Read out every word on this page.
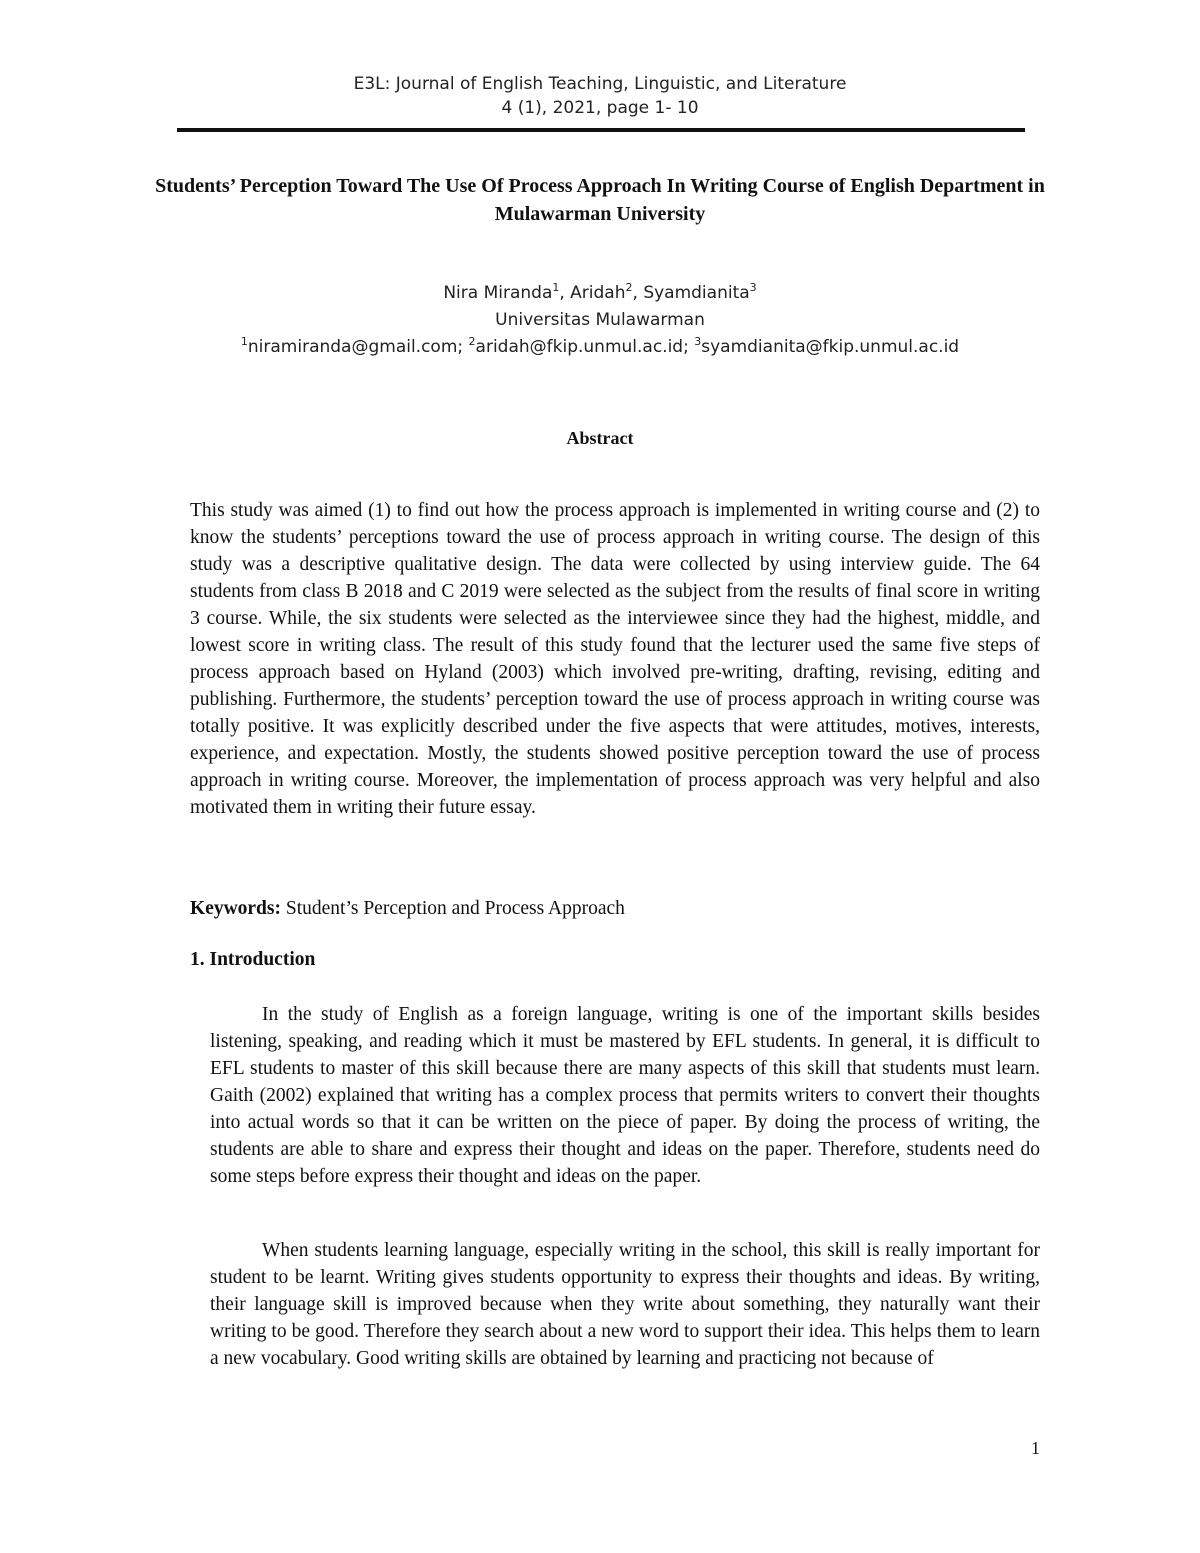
E3L: Journal of English Teaching, Linguistic, and Literature
4 (1), 2021, page 1- 10
Students’ Perception Toward The Use Of Process Approach In Writing Course of English Department in Mulawarman University
Nira Miranda$^1$, Aridah$^2$, Syamdianita$^3$
Universitas Mulawarman
$^1$niramiranda@gmail.com; $^2$aridah@fkip.unmul.ac.id; $^3$syamdianita@fkip.unmul.ac.id
Abstract

This study was aimed (1) to find out how the process approach is implemented in writing course and (2) to know the students’ perceptions toward the use of process approach in writing course. The design of this study was a descriptive qualitative design. The data were collected by using interview guide. The 64 students from class B 2018 and C 2019 were selected as the subject from the results of final score in writing 3 course. While, the six students were selected as the interviewee since they had the highest, middle, and lowest score in writing class. The result of this study found that the lecturer used the same five steps of process approach based on Hyland (2003) which involved pre-writing, drafting, revising, editing and publishing. Furthermore, the students’ perception toward the use of process approach in writing course was totally positive. It was explicitly described under the five aspects that were attitudes, motives, interests, experience, and expectation. Mostly, the students showed positive perception toward the use of process approach in writing course. Moreover, the implementation of process approach was very helpful and also motivated them in writing their future essay.

Keywords: Student’s Perception and Process Approach

1. Introduction

In the study of English as a foreign language, writing is one of the important skills besides listening, speaking, and reading which it must be mastered by EFL students. In general, it is difficult to EFL students to master of this skill because there are many aspects of this skill that students must learn. Gaith (2002) explained that writing has a complex process that permits writers to convert their thoughts into actual words so that it can be written on the piece of paper. By doing the process of writing, the students are able to share and express their thought and ideas on the paper. Therefore, students need do some steps before express their thought and ideas on the paper.

When students learning language, especially writing in the school, this skill is really important for student to be learnt. Writing gives students opportunity to express their thoughts and ideas. By writing, their language skill is improved because when they write about something, they naturally want their writing to be good. Therefore they search about a new word to support their idea. This helps them to learn a new vocabulary. Good writing skills are obtained by learning and practicing not because of

1
